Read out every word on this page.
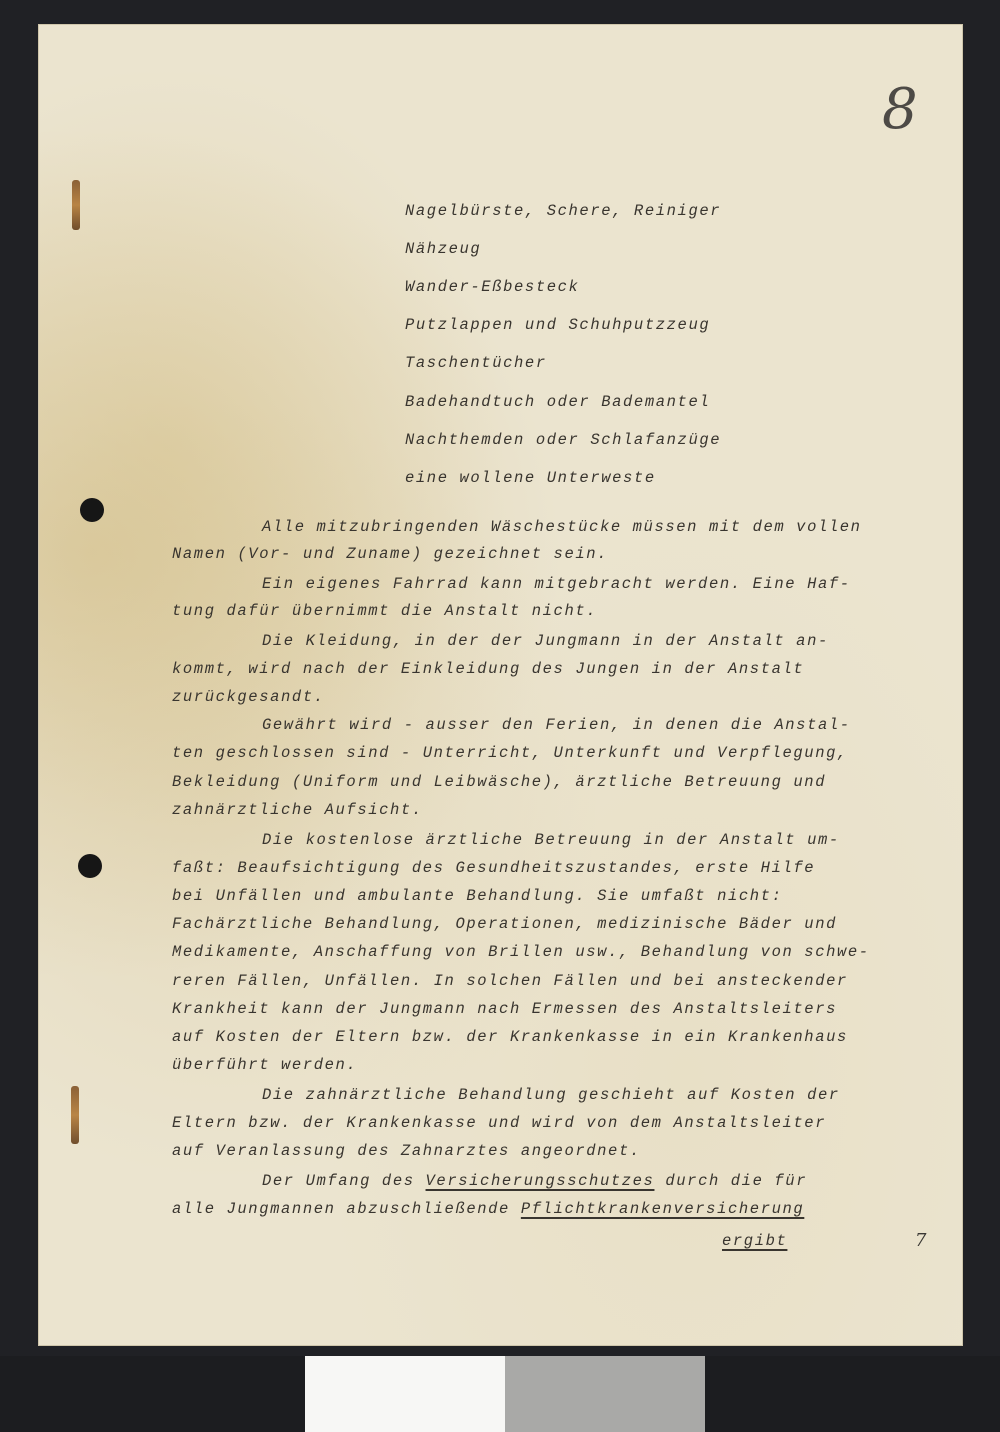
8
Nagelbürste, Schere, Reiniger
Nähzeug
Wander-Eßbesteck
Putzlappen und Schuhputzzeug
Taschentücher
Badehandtuch oder Bademantel
Nachthemden oder Schlafanzüge
eine wollene Unterweste
Alle mitzubringenden Wäschestücke müssen mit dem vollen
Namen (Vor- und Zuname) gezeichnet sein.
Ein eigenes Fahrrad kann mitgebracht werden. Eine Haf-
tung dafür übernimmt die Anstalt nicht.
Die Kleidung, in der der Jungmann in der Anstalt an-
kommt, wird nach der Einkleidung des Jungen in der Anstalt
zurückgesandt.
Gewährt wird - ausser den Ferien, in denen die Anstal-
ten geschlossen sind - Unterricht, Unterkunft und Verpflegung,
Bekleidung (Uniform und Leibwäsche), ärztliche Betreuung und
zahnärztliche Aufsicht.
Die kostenlose ärztliche Betreuung in der Anstalt um-
faßt: Beaufsichtigung des Gesundheitszustandes, erste Hilfe
bei Unfällen und ambulante Behandlung. Sie umfaßt nicht:
Fachärztliche Behandlung, Operationen, medizinische Bäder und
Medikamente, Anschaffung von Brillen usw., Behandlung von schwe-
reren Fällen, Unfällen. In solchen Fällen und bei ansteckender
Krankheit kann der Jungmann nach Ermessen des Anstaltsleiters
auf Kosten der Eltern bzw. der Krankenkasse in ein Krankenhaus
überführt werden.
Die zahnärztliche Behandlung geschieht auf Kosten der
Eltern bzw. der Krankenkasse und wird von dem Anstaltsleiter
auf Veranlassung des Zahnarztes angeordnet.
Der Umfang des Versicherungsschutzes durch die für
alle Jungmannen abzuschließende Pflichtkrankenversicherung
ergibt	7
